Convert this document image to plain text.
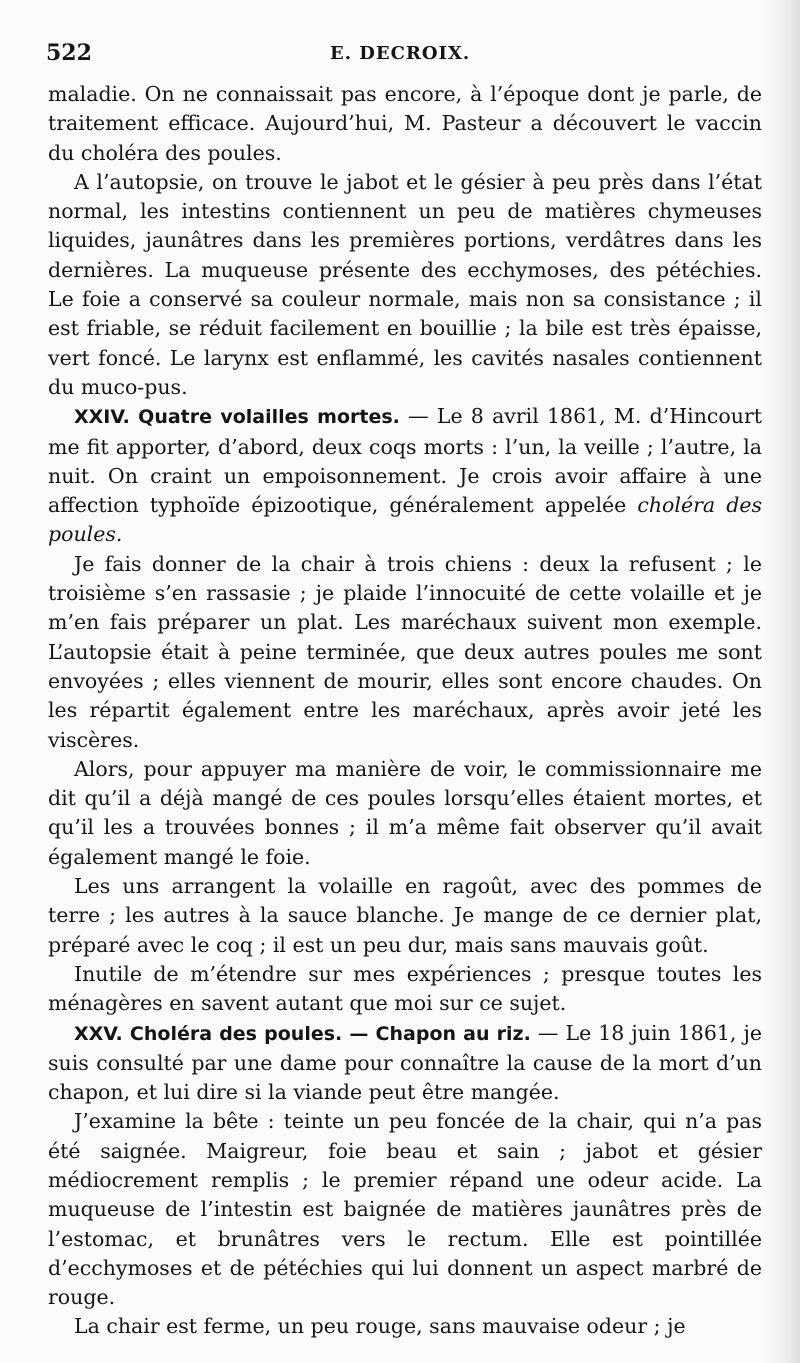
522	E. DECROIX.

maladie. On ne connaissait pas encore, à l’époque dont je parle, de traitement efficace. Aujourd’hui, M. Pasteur a découvert le vaccin du choléra des poules.

A l’autopsie, on trouve le jabot et le gésier à peu près dans l’état normal, les intestins contiennent un peu de matières chymeuses liquides, jaunâtres dans les premières portions, verdâtres dans les dernières. La muqueuse présente des ecchymoses, des pétéchies. Le foie a conservé sa couleur normale, mais non sa consistance ; il est friable, se réduit facilement en bouillie ; la bile est très épaisse, vert foncé. Le larynx est enflammé, les cavités nasales contiennent du muco-pus.

XXIV. Quatre volailles mortes. — Le 8 avril 1861, M. d’Hincourt me fit apporter, d’abord, deux coqs morts : l’un, la veille ; l’autre, la nuit. On craint un empoisonnement. Je crois avoir affaire à une affection typhoïde épizootique, généralement appelée choléra des poules.

Je fais donner de la chair à trois chiens : deux la refusent ; le troisième s’en rassasie ; je plaide l’innocuité de cette volaille et je m’en fais préparer un plat. Les maréchaux suivent mon exemple. L’autopsie était à peine terminée, que deux autres poules me sont envoyées ; elles viennent de mourir, elles sont encore chaudes. On les répartit également entre les maréchaux, après avoir jeté les viscères.

Alors, pour appuyer ma manière de voir, le commissionnaire me dit qu’il a déjà mangé de ces poules lorsqu’elles étaient mortes, et qu’il les a trouvées bonnes ; il m’a même fait observer qu’il avait également mangé le foie.

Les uns arrangent la volaille en ragoût, avec des pommes de terre ; les autres à la sauce blanche. Je mange de ce dernier plat, préparé avec le coq ; il est un peu dur, mais sans mauvais goût.

Inutile de m’étendre sur mes expériences ; presque toutes les ménagères en savent autant que moi sur ce sujet.

XXV. Choléra des poules. — Chapon au riz. — Le 18 juin 1861, je suis consulté par une dame pour connaître la cause de la mort d’un chapon, et lui dire si la viande peut être mangée.

J’examine la bête : teinte un peu foncée de la chair, qui n’a pas été saignée. Maigreur, foie beau et sain ; jabot et gésier médiocrement remplis ; le premier répand une odeur acide. La muqueuse de l’intestin est baignée de matières jaunâtres près de l’estomac, et brunâtres vers le rectum. Elle est pointillée d’ecchymoses et de pétéchies qui lui donnent un aspect marbré de rouge.

La chair est ferme, un peu rouge, sans mauvaise odeur ; je
